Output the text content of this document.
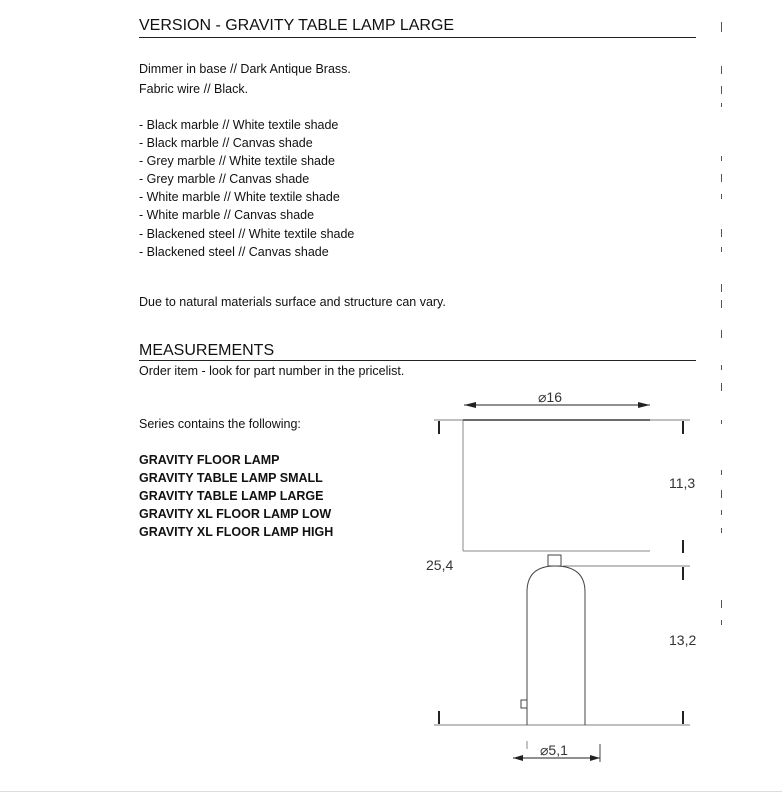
VERSION - GRAVITY TABLE LAMP LARGE
Dimmer in base // Dark Antique Brass.
Fabric wire // Black.
- Black marble // White textile shade
- Black marble // Canvas shade
- Grey marble // White textile shade
- Grey marble // Canvas shade
- White marble // White textile shade
- White marble // Canvas shade
- Blackened steel // White textile shade
- Blackened steel // Canvas shade
Due to natural materials surface and structure can vary.
MEASUREMENTS
Order item - look for part number in the pricelist.
Series contains the following:
GRAVITY FLOOR LAMP
GRAVITY TABLE LAMP SMALL
GRAVITY TABLE LAMP LARGE
GRAVITY XL FLOOR LAMP LOW
GRAVITY XL FLOOR LAMP HIGH
⌀16
11,3
25,4
13,2
⌀5,1
